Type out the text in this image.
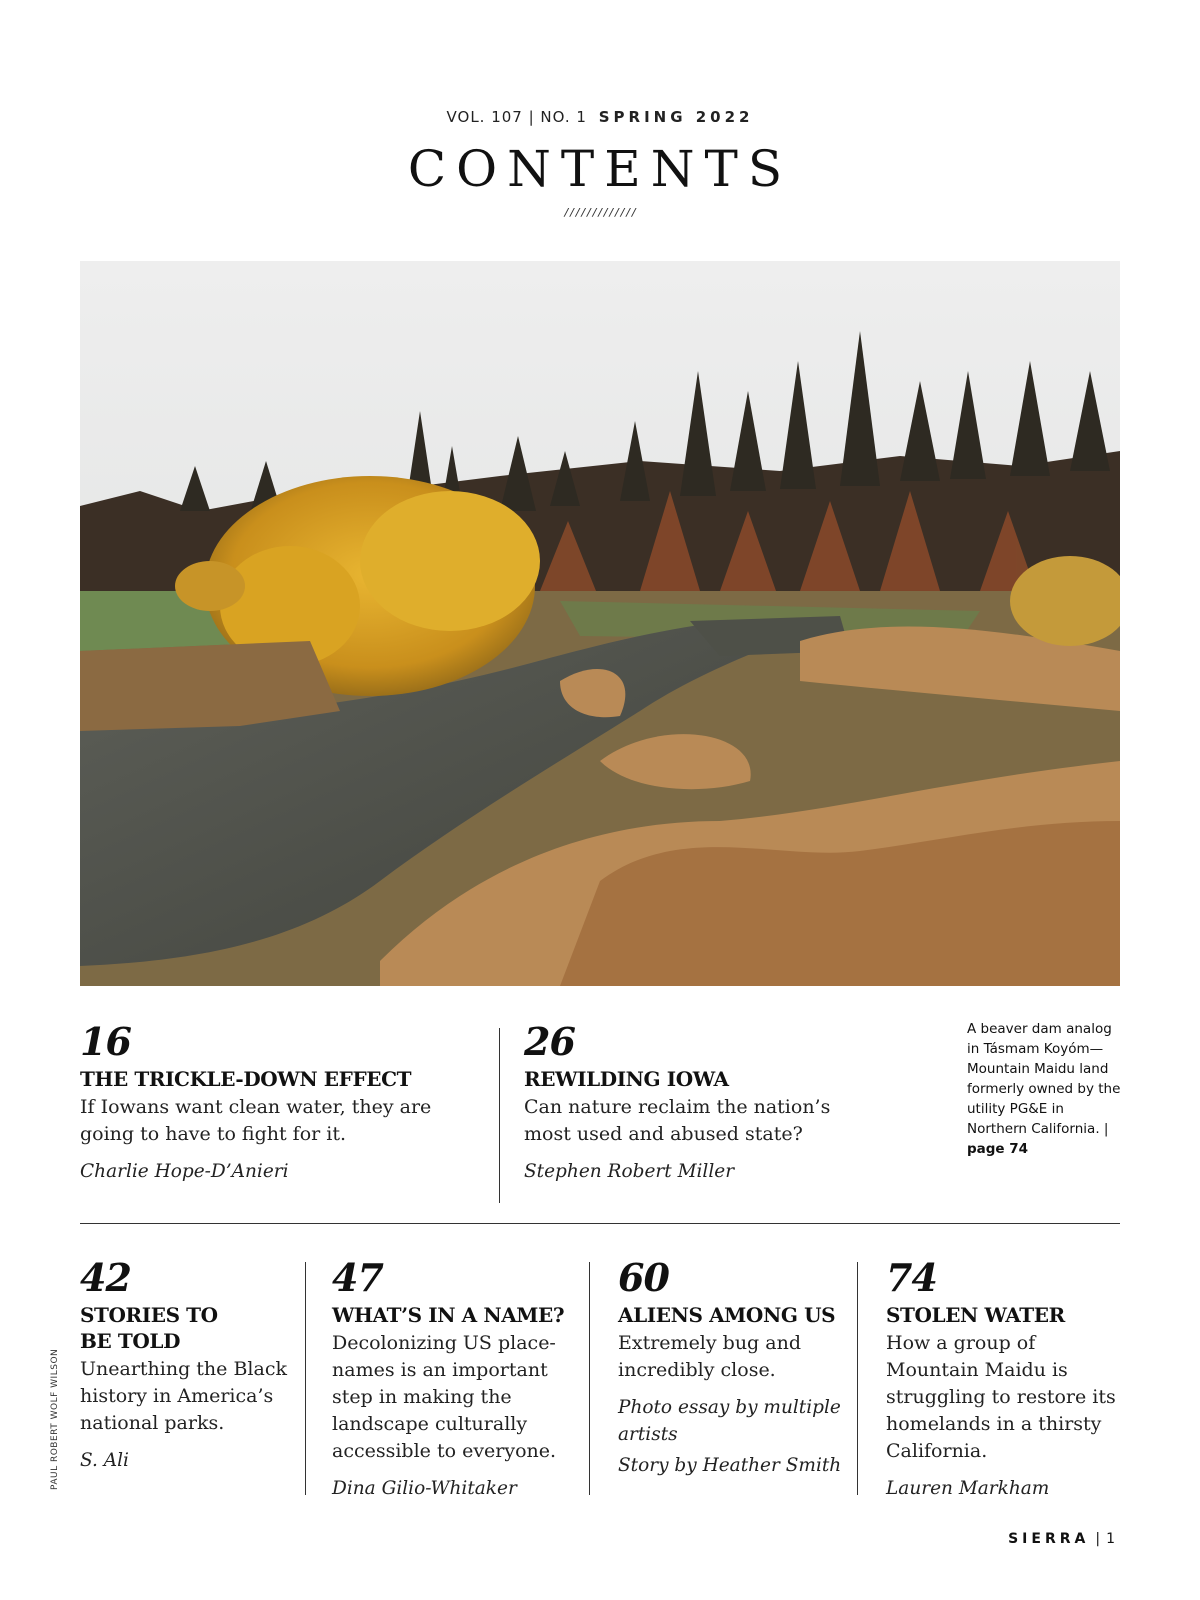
VOL. 107 | NO. 1 SPRING 2022
CONTENTS
/////////////
16
THE TRICKLE-DOWN EFFECT
If Iowans want clean water, they are going to have to fight for it.
Charlie Hope-D’Anieri
26
REWILDING IOWA
Can nature reclaim the nation’s most used and abused state?
Stephen Robert Miller
A beaver dam analog in Tásmam Koyóm—Mountain Maidu land formerly owned by the utility PG&E in Northern California. | page 74
42
STORIES TO BE TOLD
Unearthing the Black history in America’s national parks.
S. Ali
47
WHAT’S IN A NAME?
Decolonizing US place-names is an important step in making the landscape culturally accessible to everyone.
Dina Gilio-Whitaker
60
ALIENS AMONG US
Extremely bug and incredibly close.
Photo essay by multiple artists
Story by Heather Smith
74
STOLEN WATER
How a group of Mountain Maidu is struggling to restore its homelands in a thirsty California.
Lauren Markham
PAUL ROBERT WOLF WILSON
SIERRA | 1
